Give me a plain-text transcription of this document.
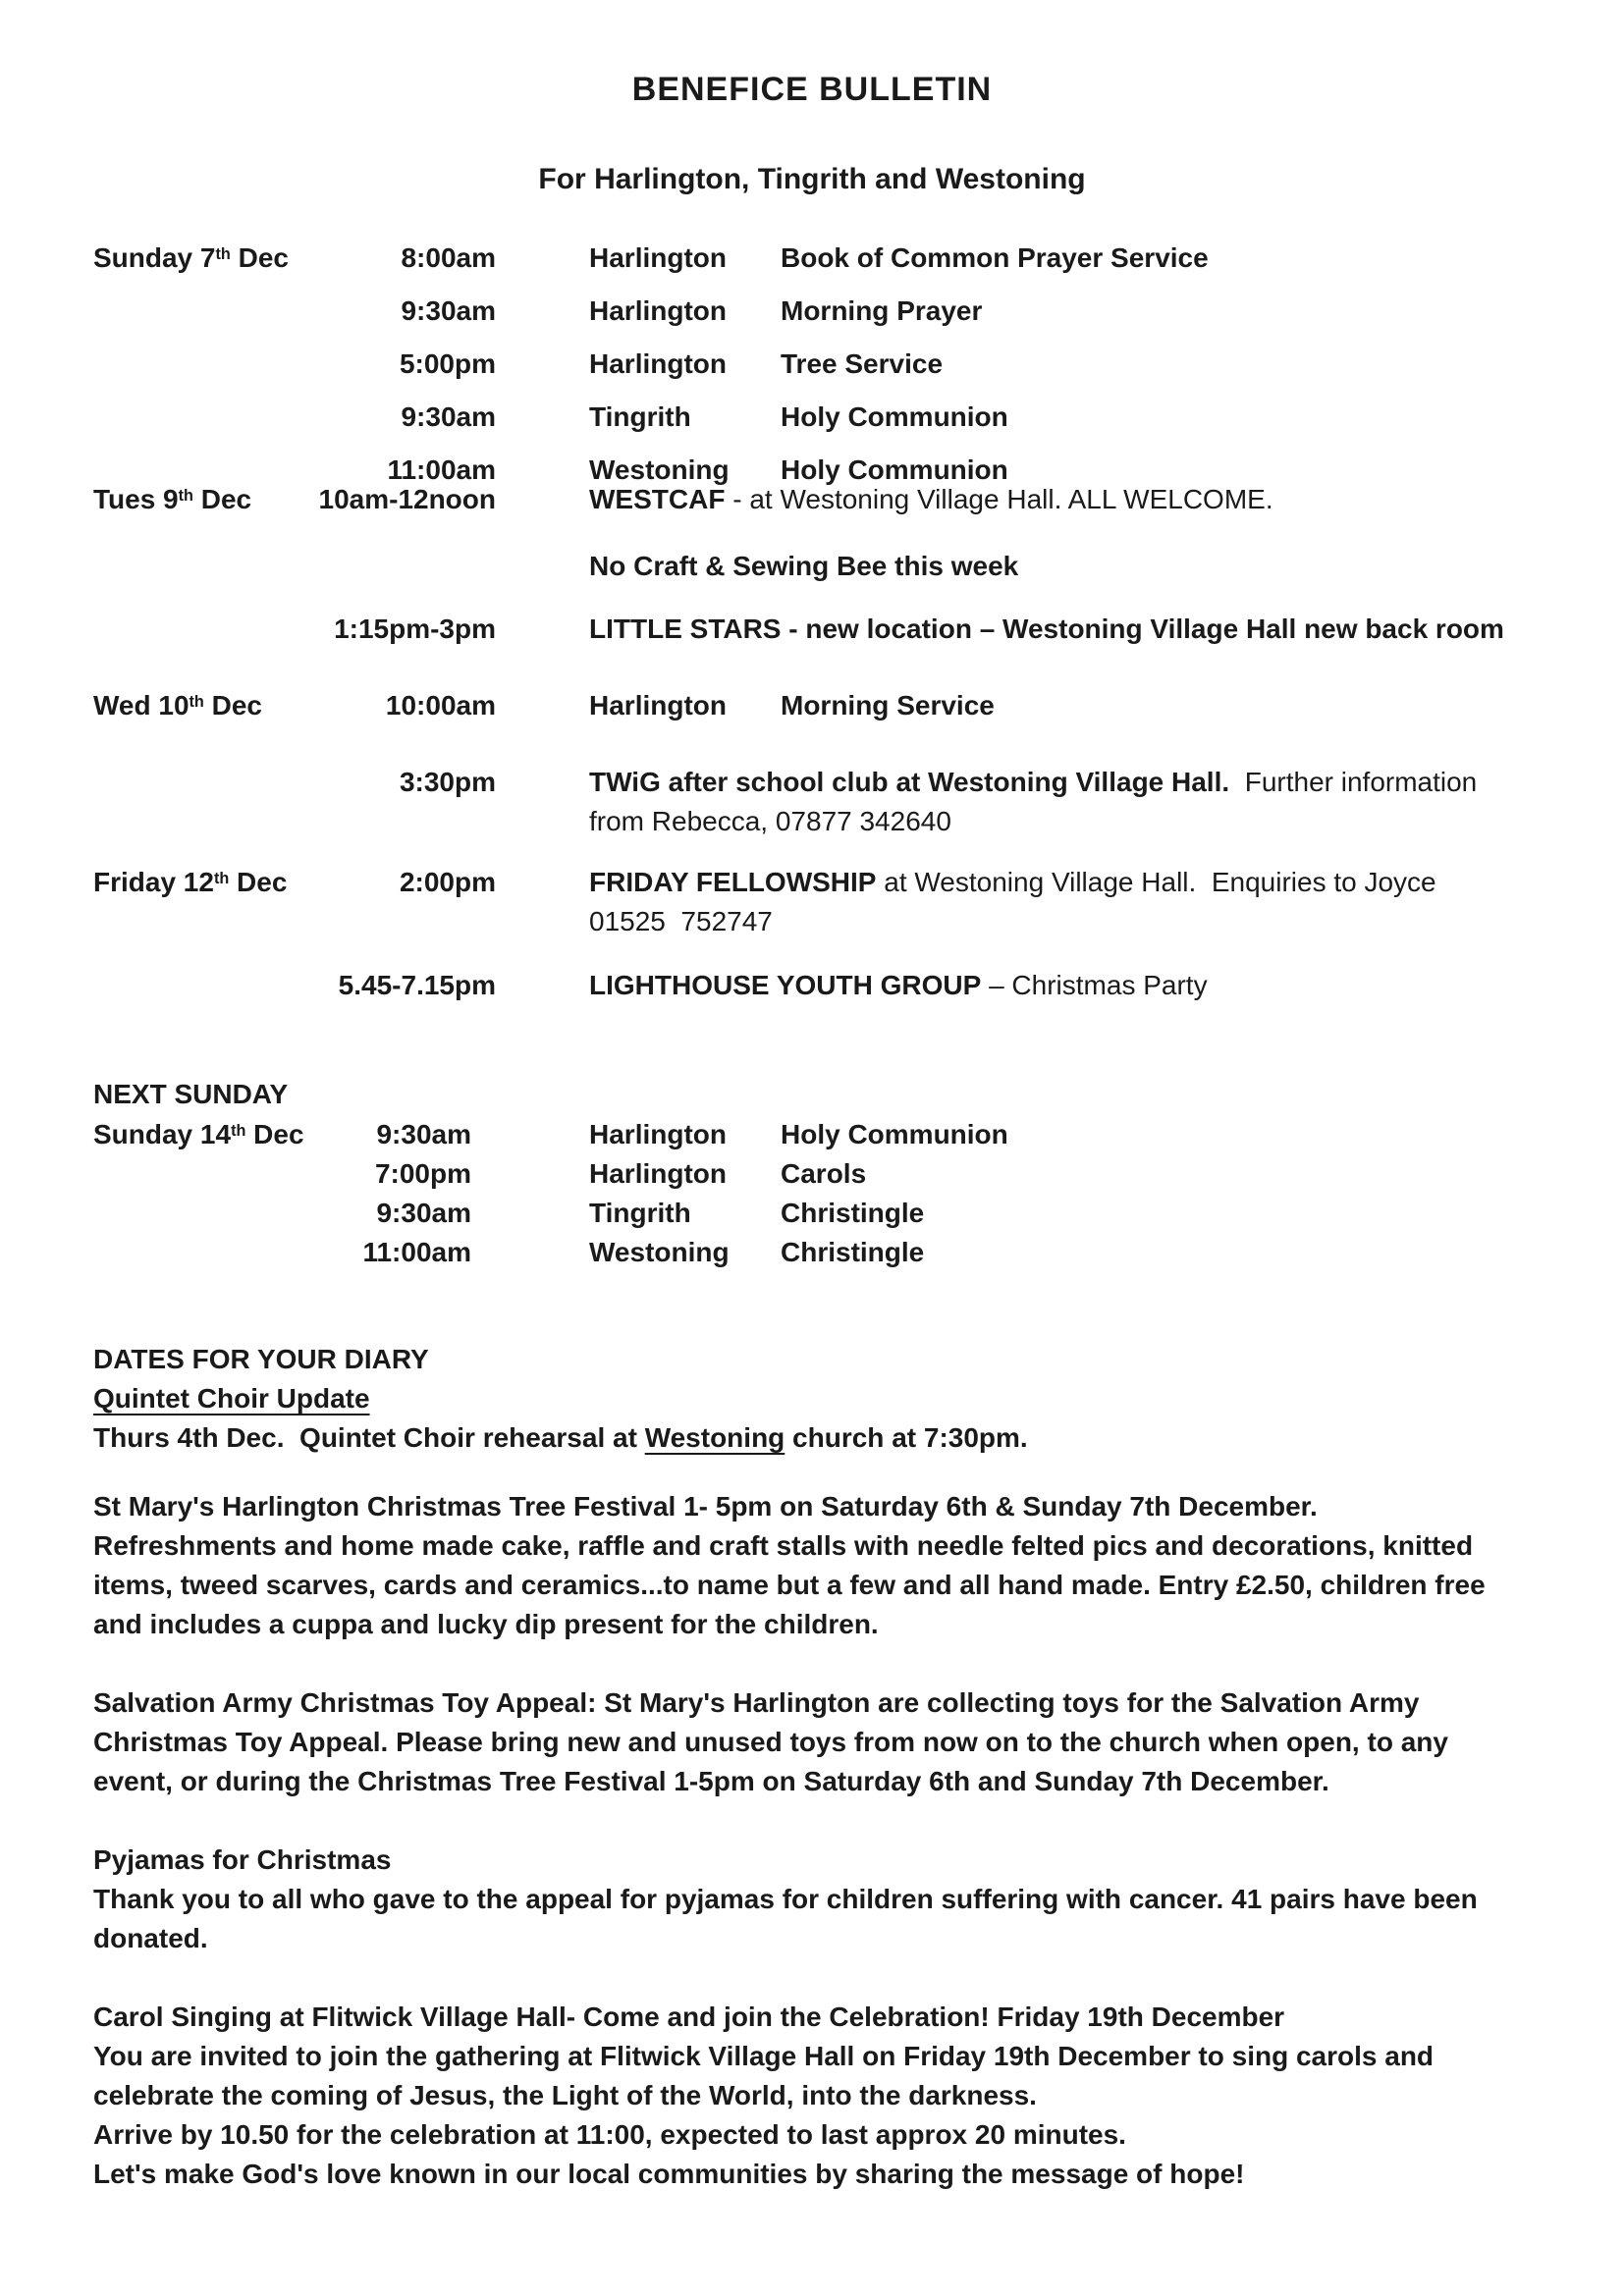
BENEFICE BULLETIN
For Harlington, Tingrith and Westoning
Sunday 7th Dec	8:00am	Harlington Book of Common Prayer Service
9:30am	Harlington Morning Prayer
5:00pm	Harlington Tree Service
9:30am	Tingrith	Holy Communion
11:00am	Westoning Holy Communion
Tues 9th Dec	10am-12noon	WESTCAF - at Westoning Village Hall. ALL WELCOME.
No Craft & Sewing Bee this week
1:15pm-3pm	LITTLE STARS - new location – Westoning Village Hall new back room
Wed 10th Dec	10:00am	Harlington Morning Service
3:30pm	TWiG after school club at Westoning Village Hall.  Further information
from Rebecca, 07877 342640
Friday 12th Dec	2:00pm	FRIDAY FELLOWSHIP at Westoning Village Hall.  Enquiries to Joyce
01525  752747
5.45-7.15pm	LIGHTHOUSE YOUTH GROUP – Christmas Party
NEXT SUNDAY
Sunday 14th Dec	9:30am	Harlington Holy Communion
7:00pm	Harlington Carols
9:30am	Tingrith	Christingle
11:00am	Westoning Christingle
DATES FOR YOUR DIARY
Quintet Choir Update
Thurs 4th Dec.  Quintet Choir rehearsal at Westoning church at 7:30pm.
St Mary's Harlington Christmas Tree Festival 1- 5pm on Saturday 6th & Sunday 7th December.
Refreshments and home made cake, raffle and craft stalls with needle felted pics and decorations, knitted
items, tweed scarves, cards and ceramics...to name but a few and all hand made. Entry £2.50, children free
and includes a cuppa and lucky dip present for the children.
Salvation Army Christmas Toy Appeal: St Mary's Harlington are collecting toys for the Salvation Army
Christmas Toy Appeal. Please bring new and unused toys from now on to the church when open, to any
event, or during the Christmas Tree Festival 1-5pm on Saturday 6th and Sunday 7th December.
Pyjamas for Christmas
Thank you to all who gave to the appeal for pyjamas for children suffering with cancer. 41 pairs have been
donated.
Carol Singing at Flitwick Village Hall- Come and join the Celebration! Friday 19th December
You are invited to join the gathering at Flitwick Village Hall on Friday 19th December to sing carols and
celebrate the coming of Jesus, the Light of the World, into the darkness.
Arrive by 10.50 for the celebration at 11:00, expected to last approx 20 minutes.
Let's make God's love known in our local communities by sharing the message of hope!
